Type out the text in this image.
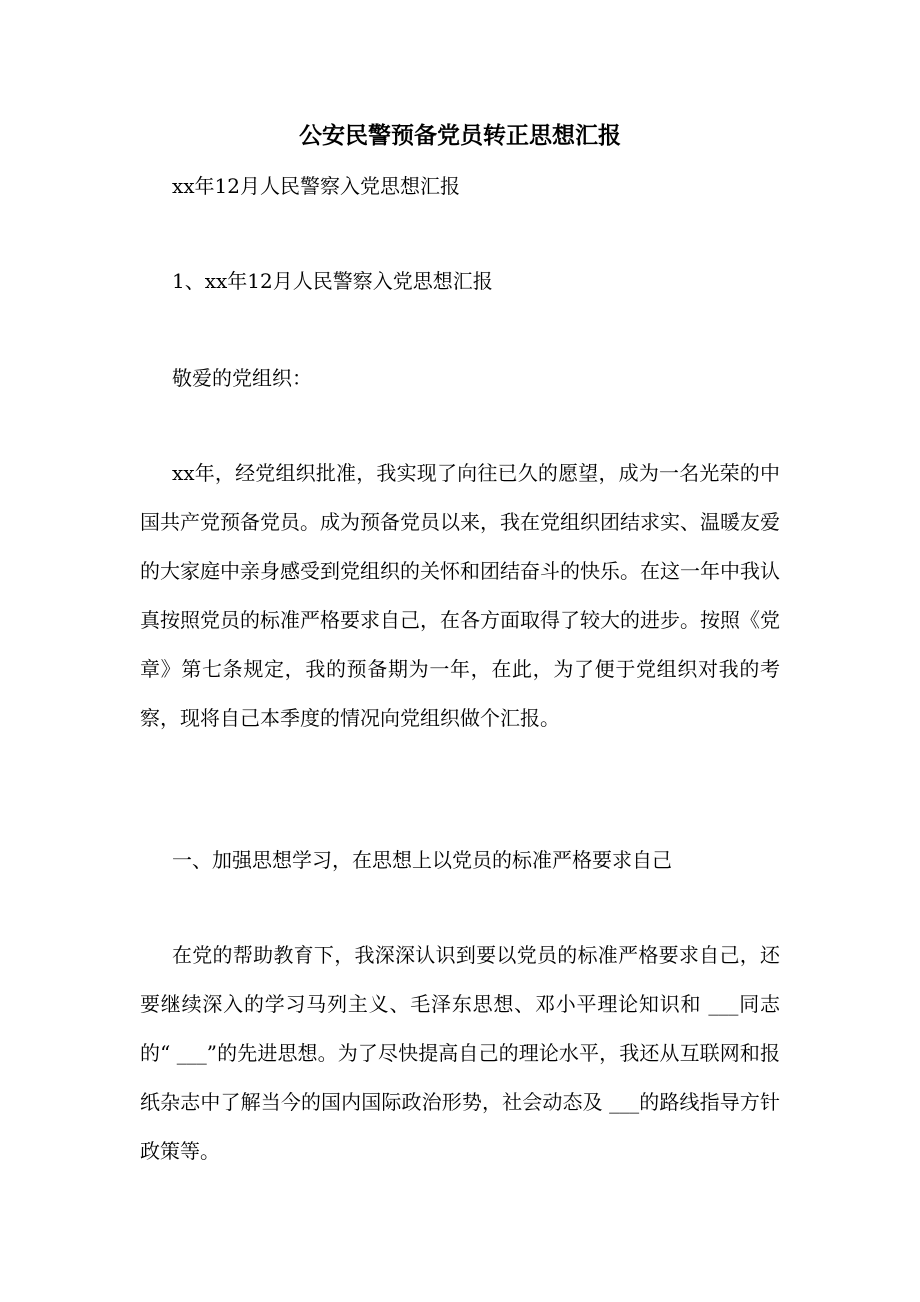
公安民警预备党员转正思想汇报

xx年12月人民警察入党思想汇报

1、xx年12月人民警察入党思想汇报

敬爱的党组织：

xx年，经党组织批准，我实现了向往已久的愿望，成为一名光荣的中国共产党预备党员。成为预备党员以来，我在党组织团结求实、温暖友爱的大家庭中亲身感受到党组织的关怀和团结奋斗的快乐。在这一年中我认真按照党员的标准严格要求自己，在各方面取得了较大的进步。按照《党章》第七条规定，我的预备期为一年，在此，为了便于党组织对我的考察，现将自己本季度的情况向党组织做个汇报。

一、加强思想学习，在思想上以党员的标准严格要求自己

在党的帮助教育下，我深深认识到要以党员的标准严格要求自己，还要继续深入的学习马列主义、毛泽东思想、邓小平理论知识和 ___同志的“ ___”的先进思想。为了尽快提高自己的理论水平，我还从互联网和报纸杂志中了解当今的国内国际政治形势，社会动态及 ___的路线指导方针政策等。
